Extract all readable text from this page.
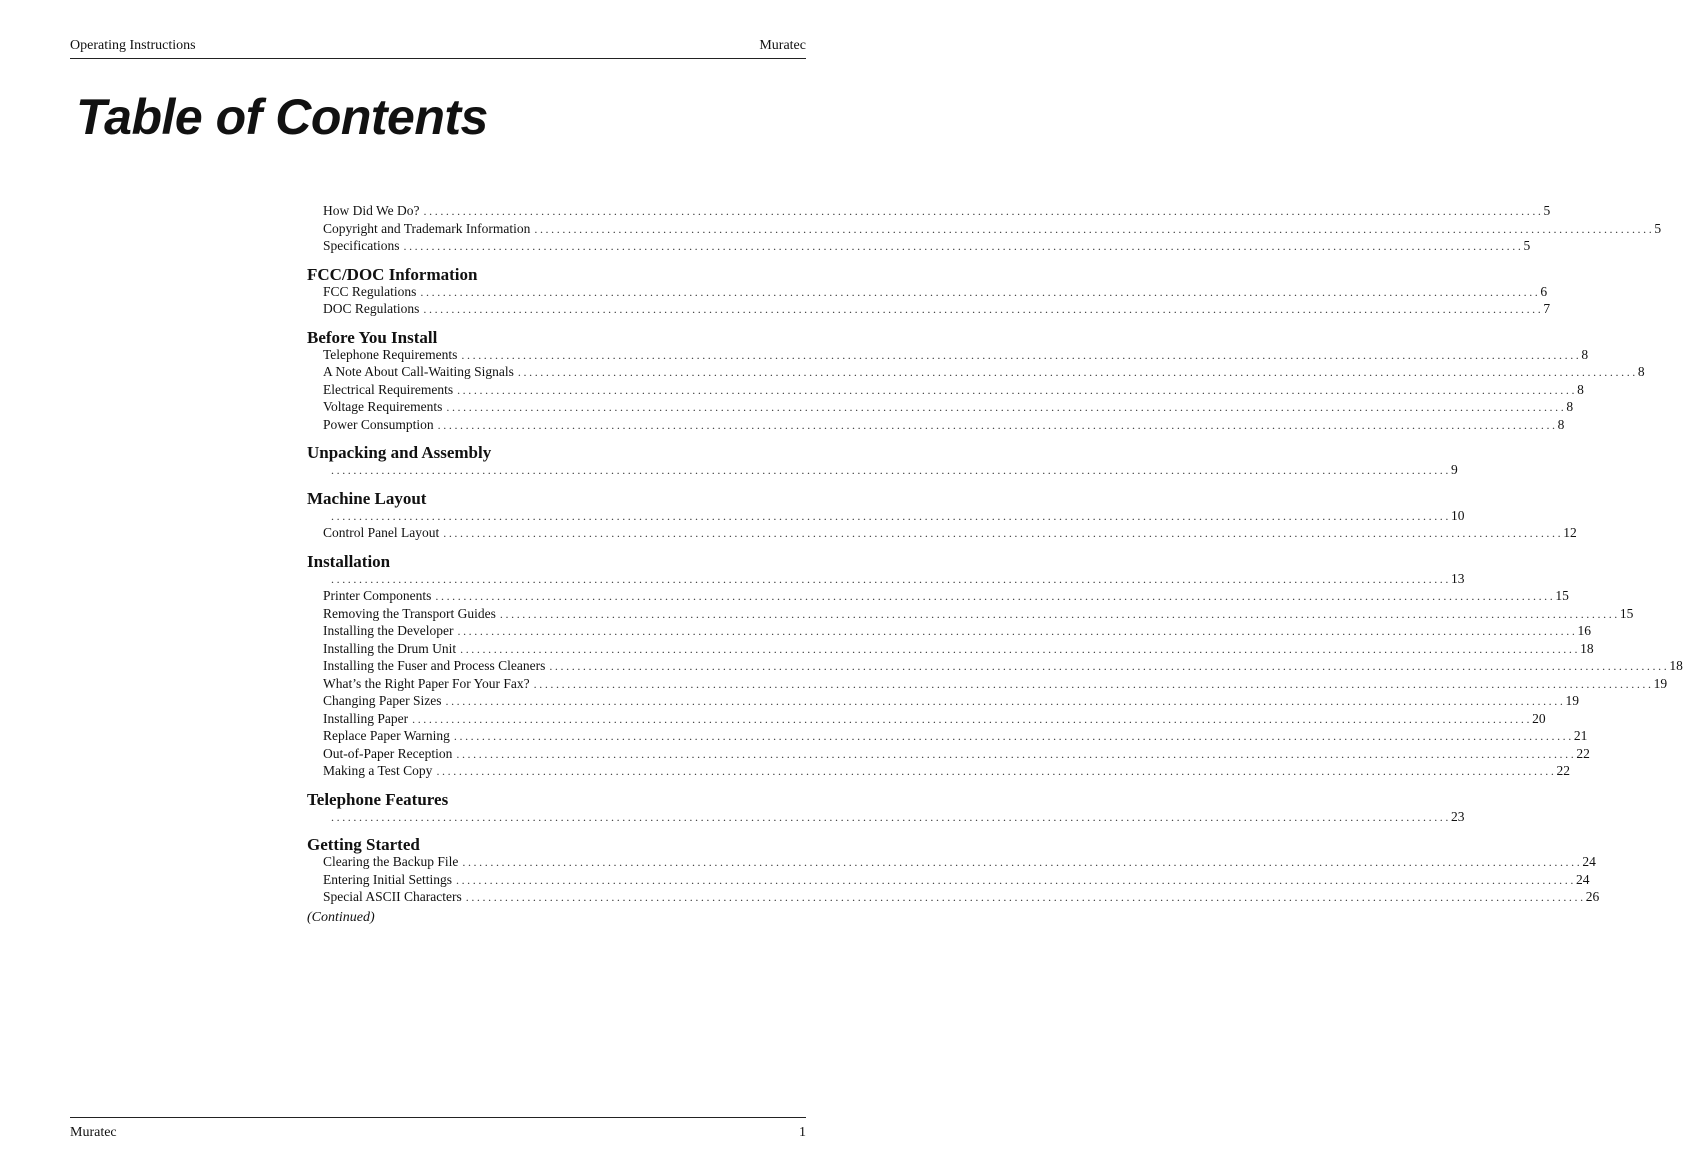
Operating Instructions	Muratec
Table of Contents
How Did We Do? ........................................................................................................................................................................................................ 5
Copyright and Trademark Information ........................................................................................................................................................................................................ 5
Specifications ........................................................................................................................................................................................................ 5
FCC/DOC Information
FCC Regulations ........................................................................................................................................................................................................ 6
DOC Regulations ........................................................................................................................................................................................................ 7
Before You Install
Telephone Requirements ........................................................................................................................................................................................................ 8
A Note About Call-Waiting Signals ........................................................................................................................................................................................................ 8
Electrical Requirements ........................................................................................................................................................................................................ 8
Voltage Requirements ........................................................................................................................................................................................................ 8
Power Consumption ........................................................................................................................................................................................................ 8
Unpacking and Assembly
........................................................................................................................................................................................................ 9
Machine Layout
........................................................................................................................................................................................................ 10
Control Panel Layout ........................................................................................................................................................................................................ 12
Installation
........................................................................................................................................................................................................ 13
Printer Components ........................................................................................................................................................................................................ 15
Removing the Transport Guides ........................................................................................................................................................................................................ 15
Installing the Developer ........................................................................................................................................................................................................ 16
Installing the Drum Unit ........................................................................................................................................................................................................ 18
Installing the Fuser and Process Cleaners ........................................................................................................................................................................................................ 18
What’s the Right Paper For Your Fax? ........................................................................................................................................................................................................ 19
Changing Paper Sizes ........................................................................................................................................................................................................ 19
Installing Paper ........................................................................................................................................................................................................ 20
Replace Paper Warning ........................................................................................................................................................................................................ 21
Out-of-Paper Reception ........................................................................................................................................................................................................ 22
Making a Test Copy ........................................................................................................................................................................................................ 22
Telephone Features
........................................................................................................................................................................................................ 23
Getting Started
Clearing the Backup File ........................................................................................................................................................................................................ 24
Entering Initial Settings ........................................................................................................................................................................................................ 24
Special ASCII Characters ........................................................................................................................................................................................................ 26
(Continued)
Muratec	1
